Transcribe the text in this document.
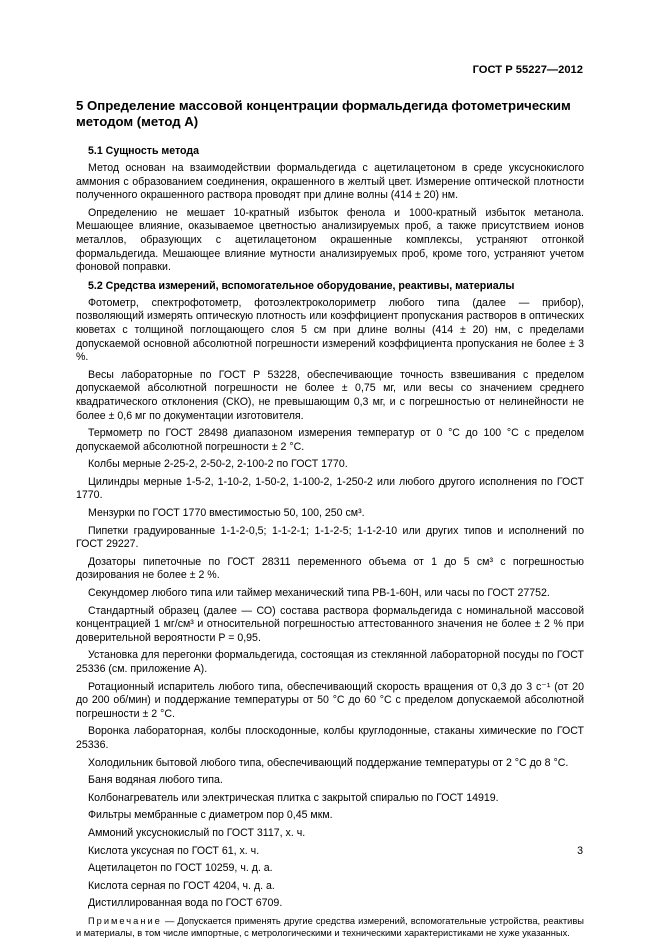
ГОСТ Р 55227—2012
5 Определение массовой концентрации формальдегида фотометрическим методом (метод А)
5.1 Сущность метода

Метод основан на взаимодействии формальдегида с ацетилацетоном в среде уксуснокислого аммония с образованием соединения, окрашенного в желтый цвет. Измерение оптической плотности полученного окрашенного раствора проводят при длине волны (414 ± 20) нм.

Определению не мешает 10-кратный избыток фенола и 1000-кратный избыток метанола. Мешающее влияние, оказываемое цветностью анализируемых проб, а также присутствием ионов металлов, образующих с ацетилацетоном окрашенные комплексы, устраняют отгонкой формальдегида. Мешающее влияние мутности анализируемых проб, кроме того, устраняют учетом фоновой поправки.

5.2 Средства измерений, вспомогательное оборудование, реактивы, материалы

Фотометр, спектрофотометр, фотоэлектроколориметр любого типа (далее — прибор), позволяющий измерять оптическую плотность или коэффициент пропускания растворов в оптических кюветах с толщиной поглощающего слоя 5 см при длине волны (414 ± 20) нм, с пределами допускаемой основной абсолютной погрешности измерений коэффициента пропускания не более ± 3 %.

Весы лабораторные по ГОСТ Р 53228, обеспечивающие точность взвешивания с пределом допускаемой абсолютной погрешности не более ± 0,75 мг, или весы со значением среднего квадратического отклонения (СКО), не превышающим 0,3 мг, и с погрешностью от нелинейности не более ± 0,6 мг по документации изготовителя.

Термометр по ГОСТ 28498 диапазоном измерения температур от 0 °С до 100 °С с пределом допускаемой абсолютной погрешности ± 2 °С.

Колбы мерные 2-25-2, 2-50-2, 2-100-2 по ГОСТ 1770.

Цилиндры мерные 1-5-2, 1-10-2, 1-50-2, 1-100-2, 1-250-2 или любого другого исполнения по ГОСТ 1770.

Мензурки по ГОСТ 1770 вместимостью 50, 100, 250 см³.

Пипетки градуированные 1-1-2-0,5; 1-1-2-1; 1-1-2-5; 1-1-2-10 или других типов и исполнений по ГОСТ 29227.

Дозаторы пипеточные по ГОСТ 28311 переменного объема от 1 до 5 см³ с погрешностью дозирования не более ± 2 %.

Секундомер любого типа или таймер механический типа РВ-1-60Н, или часы по ГОСТ 27752.

Стандартный образец (далее — СО) состава раствора формальдегида с номинальной массовой концентрацией 1 мг/см³ и относительной погрешностью аттестованного значения не более ± 2 % при доверительной вероятности P = 0,95.

Установка для перегонки формальдегида, состоящая из стеклянной лабораторной посуды по ГОСТ 25336 (см. приложение А).

Ротационный испаритель любого типа, обеспечивающий скорость вращения от 0,3 до 3 с⁻¹ (от 20 до 200 об/мин) и поддержание температуры от 50 °С до 60 °С с пределом допускаемой абсолютной погрешности ± 2 °С.

Воронка лабораторная, колбы плоскодонные, колбы круглодонные, стаканы химические по ГОСТ 25336.

Холодильник бытовой любого типа, обеспечивающий поддержание температуры от 2 °С до 8 °С.

Баня водяная любого типа.

Колбонагреватель или электрическая плитка с закрытой спиралью по ГОСТ 14919.

Фильтры мембранные с диаметром пор 0,45 мкм.

Аммоний уксуснокислый по ГОСТ 3117, х. ч.

Кислота уксусная по ГОСТ 61, х. ч.

Ацетилацетон по ГОСТ 10259, ч. д. а.

Кислота серная по ГОСТ 4204, ч. д. а.

Дистиллированная вода по ГОСТ 6709.

Примечание — Допускается применять другие средства измерений, вспомогательные устройства, реактивы и материалы, в том числе импортные, с метрологическими и техническими характеристиками не хуже указанных.
3
